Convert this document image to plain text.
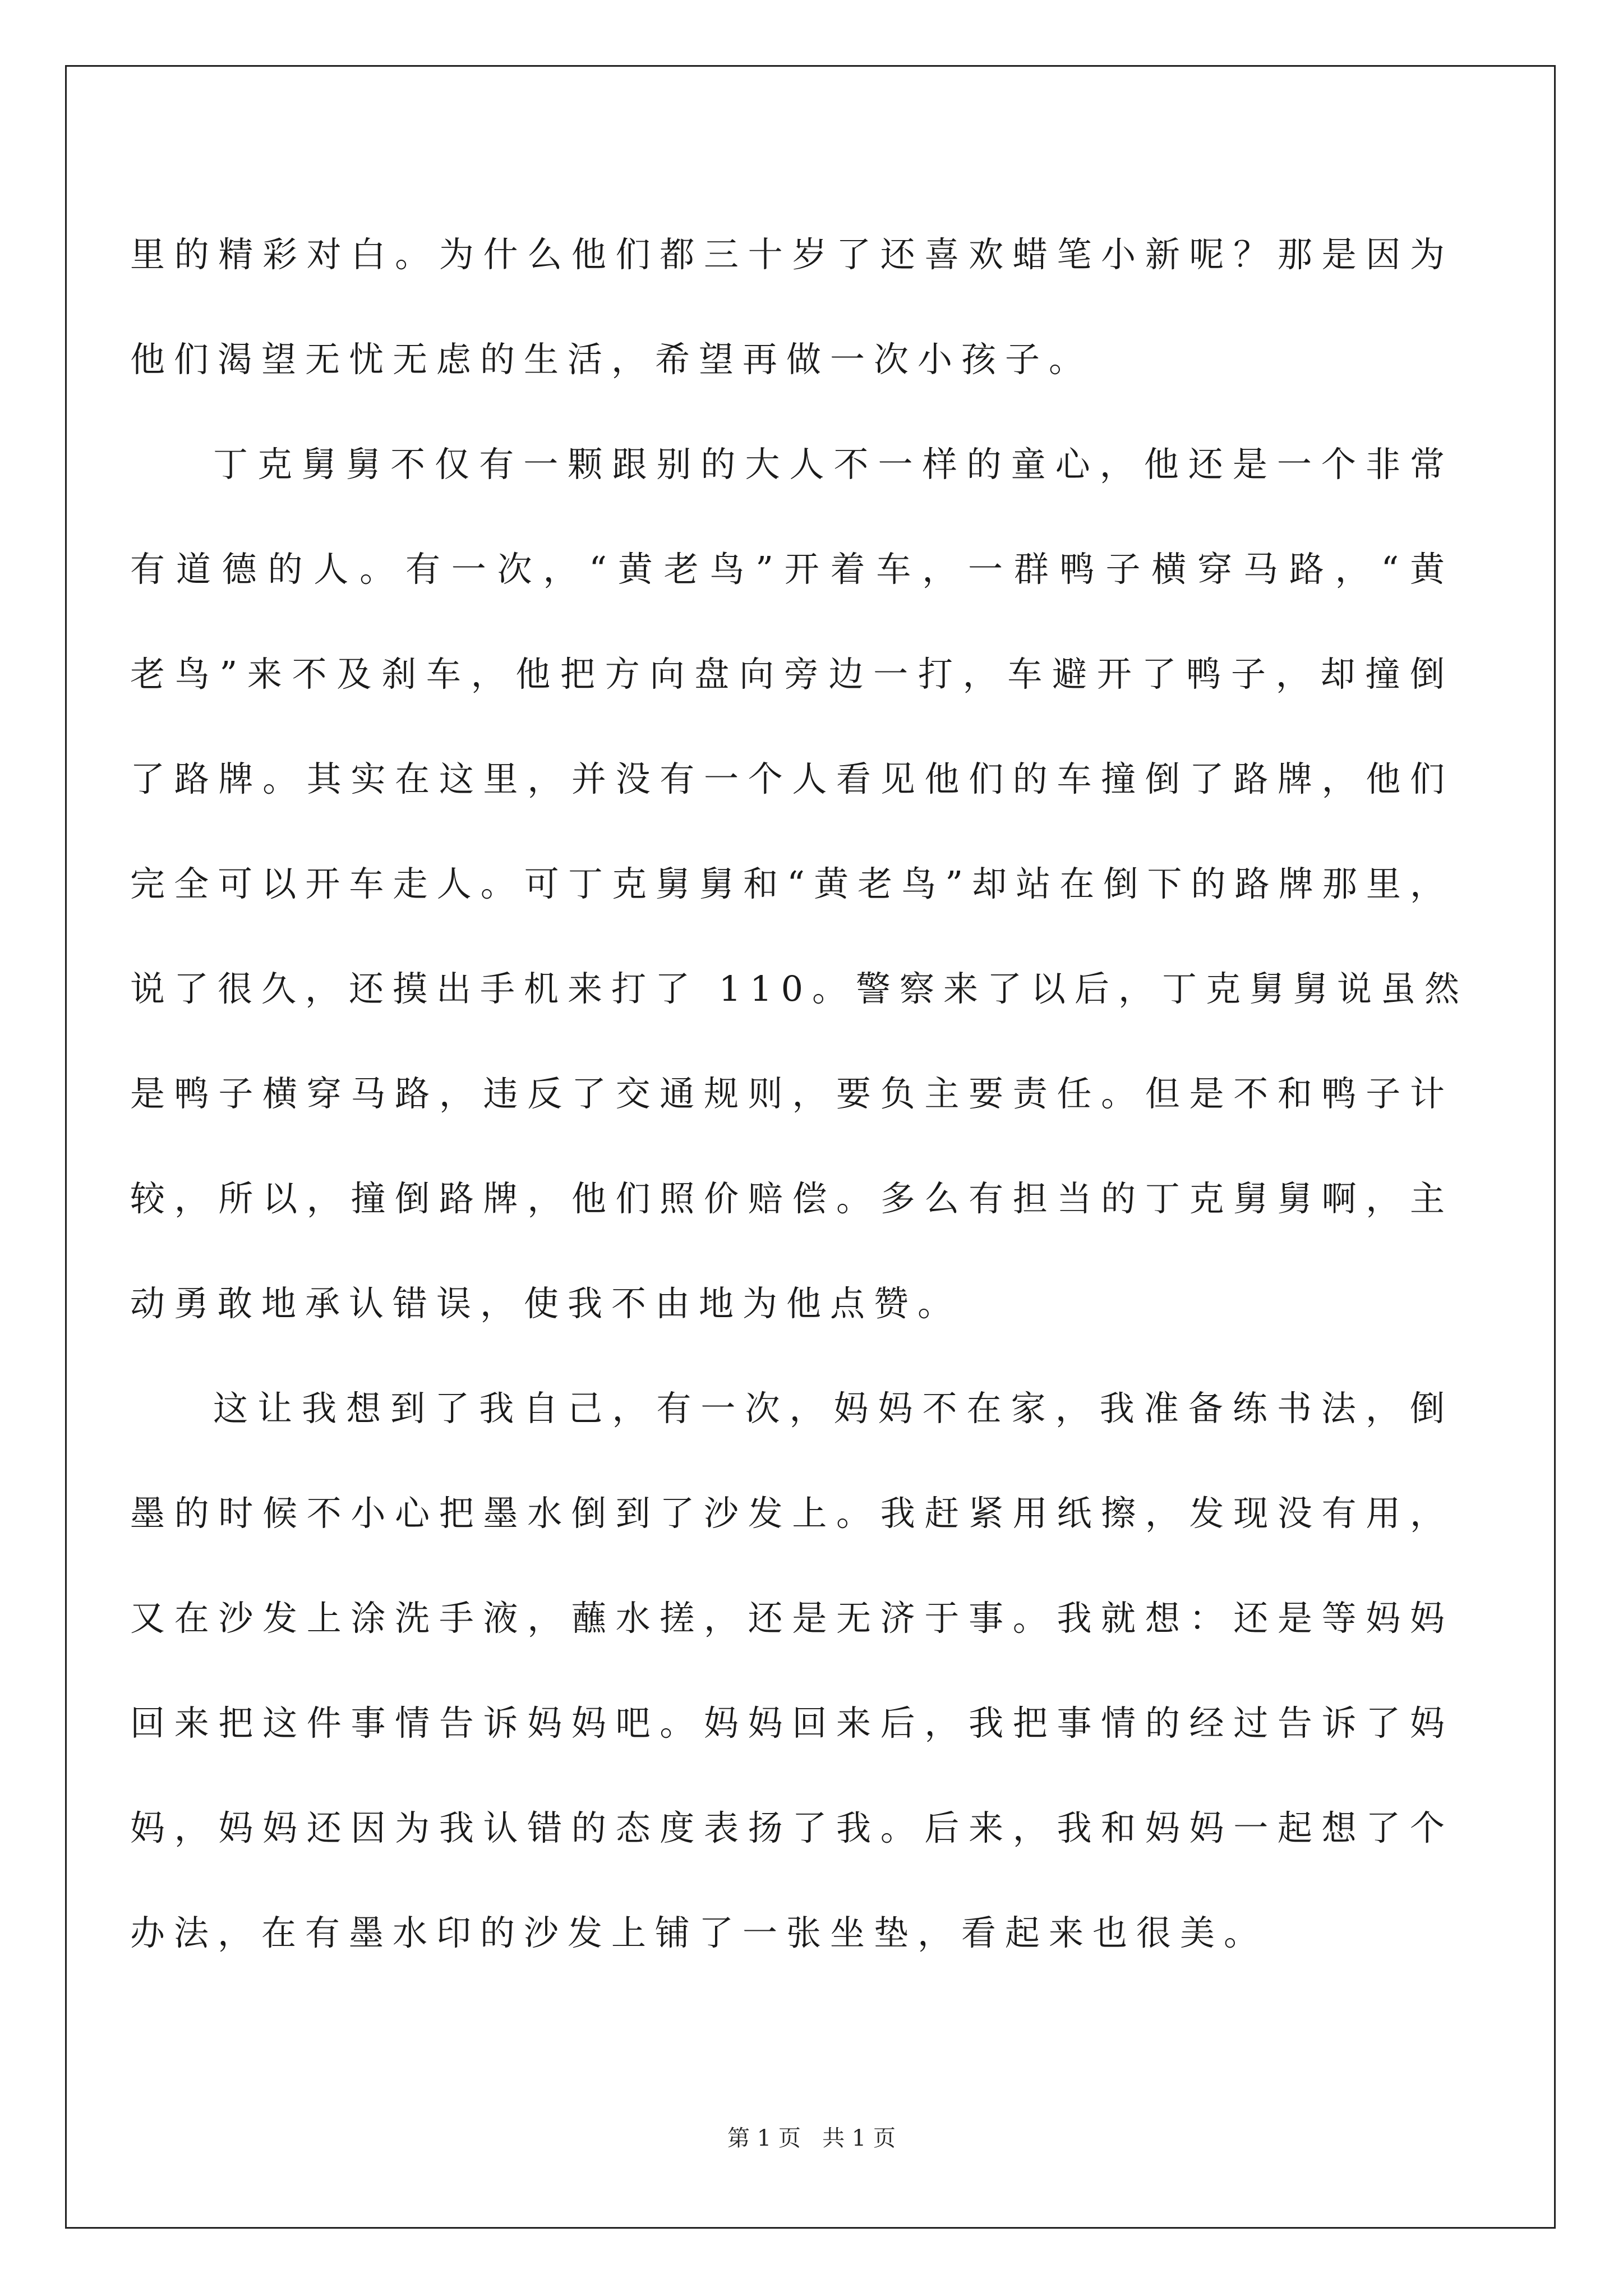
里的精彩对白。为什么他们都三十岁了还喜欢蜡笔小新呢？那是因为
他们渴望无忧无虑的生活，希望再做一次小孩子。
丁克舅舅不仅有一颗跟别的大人不一样的童心，他还是一个非常
有道德的人。有一次，“黄老鸟”开着车，一群鸭子横穿马路，“黄
老鸟”来不及刹车，他把方向盘向旁边一打，车避开了鸭子，却撞倒
了路牌。其实在这里，并没有一个人看见他们的车撞倒了路牌，他们
完全可以开车走人。可丁克舅舅和“黄老鸟”却站在倒下的路牌那里，
说了很久，还摸出手机来打了 110。警察来了以后，丁克舅舅说虽然
是鸭子横穿马路，违反了交通规则，要负主要责任。但是不和鸭子计
较，所以，撞倒路牌，他们照价赔偿。多么有担当的丁克舅舅啊，主
动勇敢地承认错误，使我不由地为他点赞。
这让我想到了我自己，有一次，妈妈不在家，我准备练书法，倒
墨的时候不小心把墨水倒到了沙发上。我赶紧用纸擦，发现没有用，
又在沙发上涂洗手液，蘸水搓，还是无济于事。我就想：还是等妈妈
回来把这件事情告诉妈妈吧。妈妈回来后，我把事情的经过告诉了妈
妈，妈妈还因为我认错的态度表扬了我。后来，我和妈妈一起想了个
办法，在有墨水印的沙发上铺了一张坐垫，看起来也很美。
第 1 页 共 1 页
